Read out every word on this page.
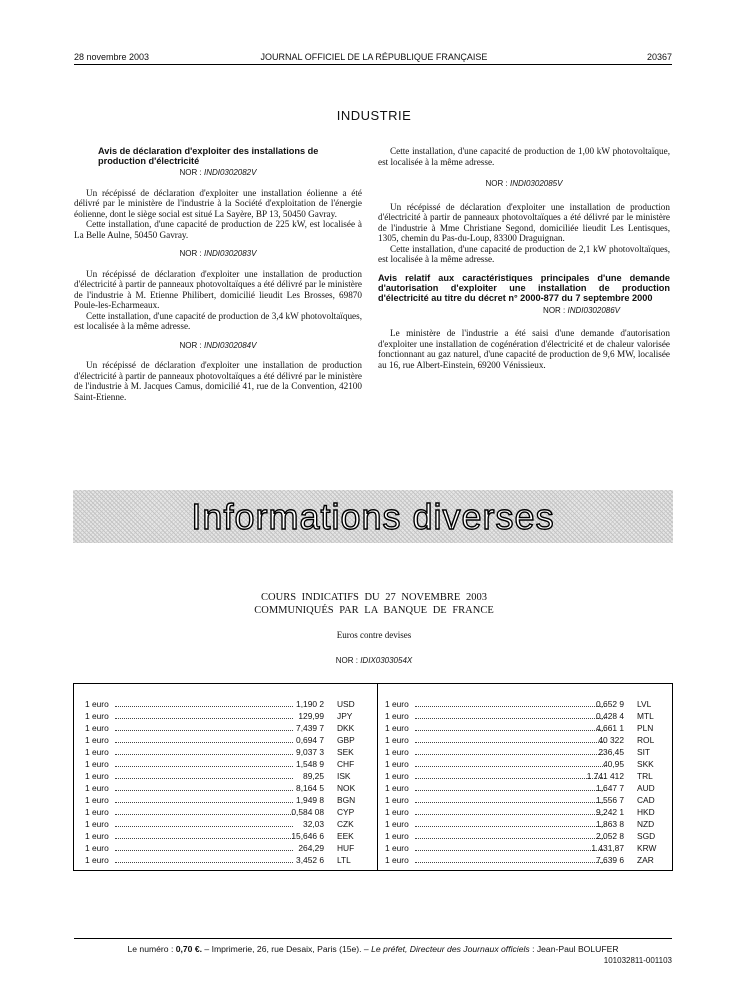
28 novembre 2003	JOURNAL OFFICIEL DE LA RÉPUBLIQUE FRANÇAISE	20367
INDUSTRIE
Avis de déclaration d'exploiter des installations de production d'électricité
NOR : INDI0302082V

Un récépissé de déclaration d'exploiter une installation éolienne a été délivré par le ministère de l'industrie à la Société d'exploitation de l'énergie éolienne, dont le siège social est situé La Sayère, BP 13, 50450 Gavray.

Cette installation, d'une capacité de production de 225 kW, est localisée à La Belle Aulne, 50450 Gavray.

NOR : INDI0302083V

Un récépissé de déclaration d'exploiter une installation de production d'électricité à partir de panneaux photovoltaïques a été délivré par le ministère de l'industrie à M. Etienne Philibert, domicilié lieudit Les Brosses, 69870 Poule-les-Echarmeaux.

Cette installation, d'une capacité de production de 3,4 kW photovoltaïques, est localisée à la même adresse.

NOR : INDI0302084V

Un récépissé de déclaration d'exploiter une installation de production d'électricité à partir de panneaux photovoltaïques a été délivré par le ministère de l'industrie à M. Jacques Camus, domicilié 41, rue de la Convention, 42100 Saint-Etienne.

Cette installation, d'une capacité de production de 1,00 kW photovoltaïque, est localisée à la même adresse.

NOR : INDI0302085V

Un récépissé de déclaration d'exploiter une installation de production d'électricité à partir de panneaux photovoltaïques a été délivré par le ministère de l'industrie à Mme Christiane Segond, domiciliée lieudit Les Lentisques, 1305, chemin du Pas-du-Loup, 83300 Draguignan.

Cette installation, d'une capacité de production de 2,1 kW photovoltaïques, est localisée à la même adresse.

Avis relatif aux caractéristiques principales d'une demande d'autorisation d'exploiter une installation de production d'électricité au titre du décret n° 2000-877 du 7 septembre 2000
NOR : INDI0302086V

Le ministère de l'industrie a été saisi d'une demande d'autorisation d'exploiter une installation de cogénération d'électricité et de chaleur valorisée fonctionnant au gaz naturel, d'une capacité de production de 9,6 MW, localisée au 16, rue Albert-Einstein, 69200 Vénissieux.

Informations diverses
COURS INDICATIFS DU 27 NOVEMBRE 2003
COMMUNIQUÉS PAR LA BANQUE DE FRANCE
Euros contre devises
NOR : IDIX0303054X
1 euro	1,190 2 USD
1 euro	129,99 JPY
1 euro	7,439 7 DKK
1 euro	0,694 7 GBP
1 euro	9,037 3 SEK
1 euro	1,548 9 CHF
1 euro	89,25 ISK
1 euro	8,164 5 NOK
1 euro	1,949 8 BGN
1 euro	0,584 08 CYP
1 euro	32,03 CZK
1 euro	15,646 6 EEK
1 euro	264,29 HUF
1 euro	3,452 6 LTL
1 euro	0,652 9 LVL
1 euro	0,428 4 MTL
1 euro	4,661 1 PLN
1 euro	40 322 ROL
1 euro	236,45 SIT
1 euro	40,95 SKK
1 euro	1 741 412 TRL
1 euro	1,647 7 AUD
1 euro	1,556 7 CAD
1 euro	9,242 1 HKD
1 euro	1,863 8 NZD
1 euro	2,052 8 SGD
1 euro	1 431,87 KRW
1 euro	7,639 6 ZAR
Le numéro : 0,70 €. – Imprimerie, 26, rue Desaix, Paris (15e). – Le préfet, Directeur des Journaux officiels : Jean-Paul BOLUFER
101032811-001103
